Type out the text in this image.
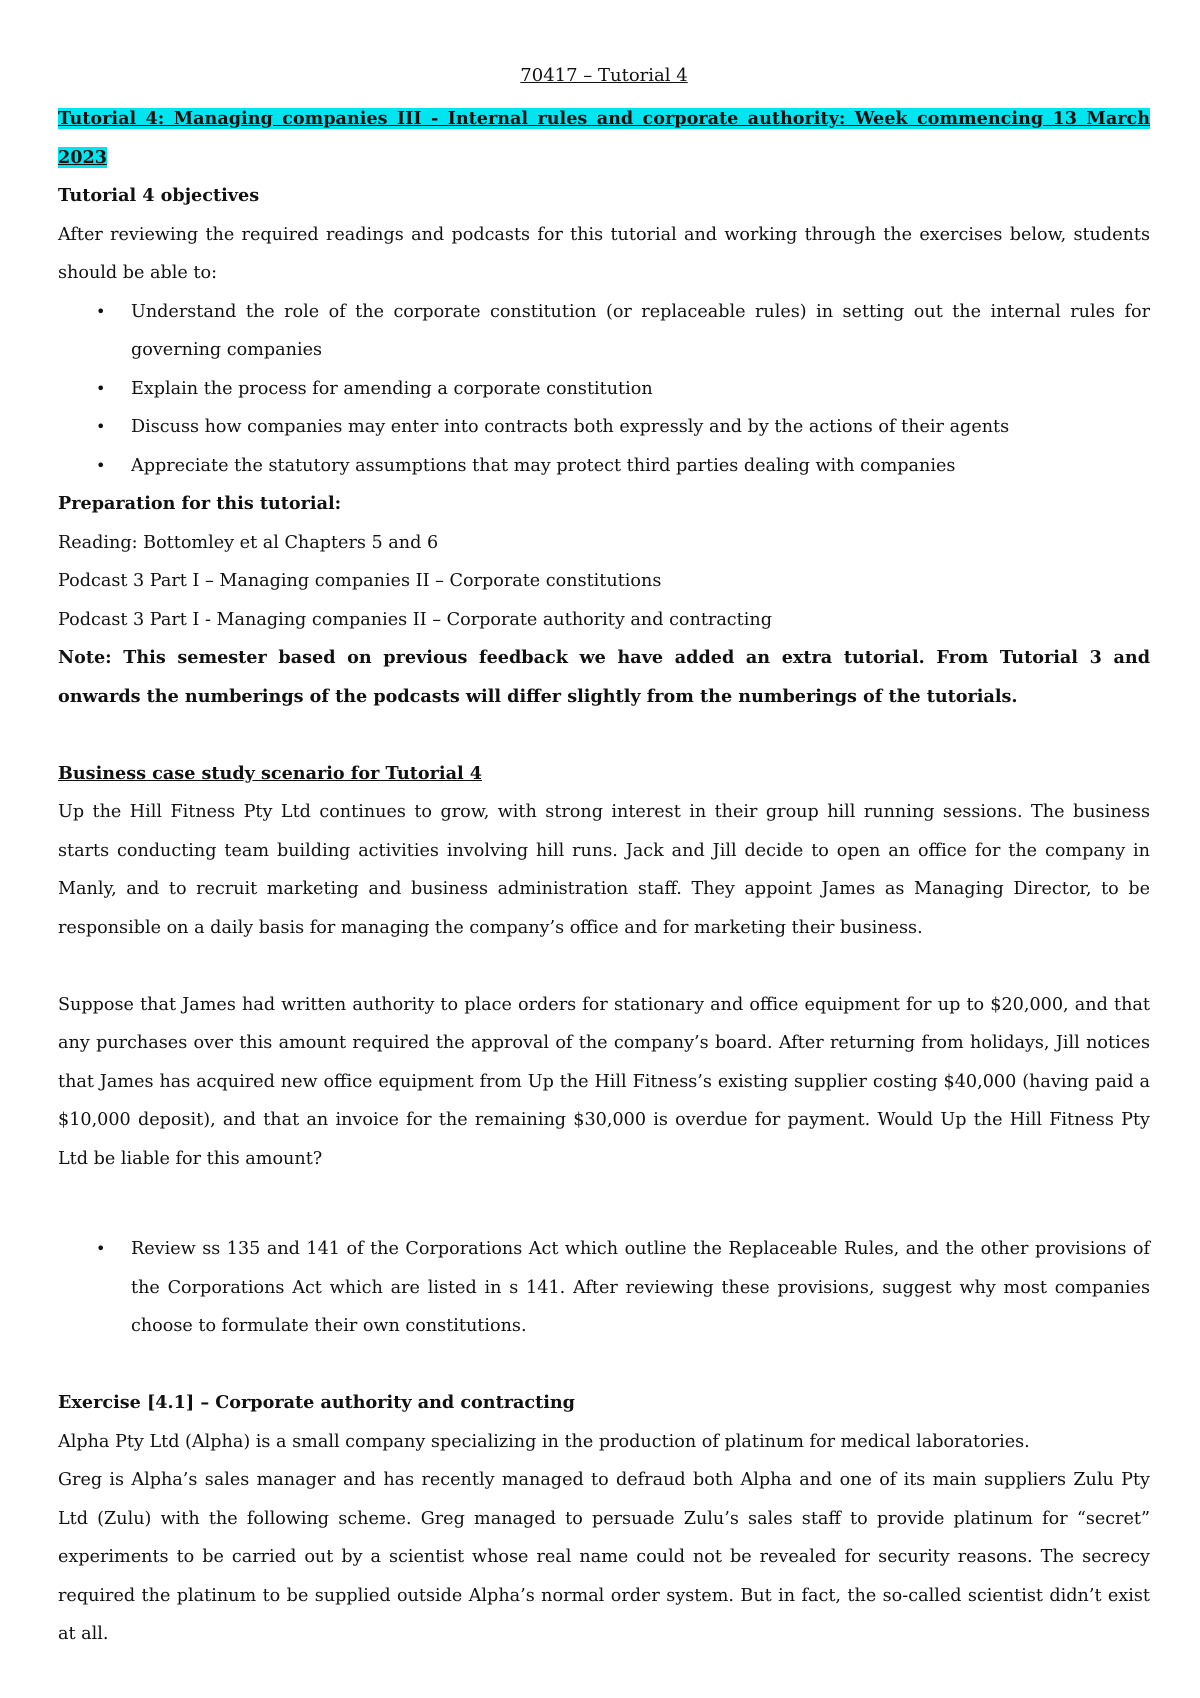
70417 – Tutorial 4

Tutorial 4: Managing companies III - Internal rules and corporate authority: Week commencing 13 March 2023

Tutorial 4 objectives

After reviewing the required readings and podcasts for this tutorial and working through the exercises below, students should be able to:

• Understand the role of the corporate constitution (or replaceable rules) in setting out the internal rules for governing companies
• Explain the process for amending a corporate constitution
• Discuss how companies may enter into contracts both expressly and by the actions of their agents
• Appreciate the statutory assumptions that may protect third parties dealing with companies

Preparation for this tutorial:

Reading: Bottomley et al Chapters 5 and 6

Podcast 3 Part I – Managing companies II – Corporate constitutions

Podcast 3 Part I - Managing companies II – Corporate authority and contracting

Note: This semester based on previous feedback we have added an extra tutorial. From Tutorial 3 and onwards the numberings of the podcasts will differ slightly from the numberings of the tutorials.

Business case study scenario for Tutorial 4

Up the Hill Fitness Pty Ltd continues to grow, with strong interest in their group hill running sessions. The business starts conducting team building activities involving hill runs. Jack and Jill decide to open an office for the company in Manly, and to recruit marketing and business administration staff. They appoint James as Managing Director, to be responsible on a daily basis for managing the company’s office and for marketing their business.

Suppose that James had written authority to place orders for stationary and office equipment for up to $20,000, and that any purchases over this amount required the approval of the company’s board. After returning from holidays, Jill notices that James has acquired new office equipment from Up the Hill Fitness’s existing supplier costing $40,000 (having paid a $10,000 deposit), and that an invoice for the remaining $30,000 is overdue for payment. Would Up the Hill Fitness Pty Ltd be liable for this amount?

• Review ss 135 and 141 of the Corporations Act which outline the Replaceable Rules, and the other provisions of the Corporations Act which are listed in s 141. After reviewing these provisions, suggest why most companies choose to formulate their own constitutions.

Exercise [4.1] – Corporate authority and contracting

Alpha Pty Ltd (Alpha) is a small company specializing in the production of platinum for medical laboratories.

Greg is Alpha’s sales manager and has recently managed to defraud both Alpha and one of its main suppliers Zulu Pty Ltd (Zulu) with the following scheme. Greg managed to persuade Zulu’s sales staff to provide platinum for “secret” experiments to be carried out by a scientist whose real name could not be revealed for security reasons. The secrecy required the platinum to be supplied outside Alpha’s normal order system. But in fact, the so-called scientist didn’t exist at all.
